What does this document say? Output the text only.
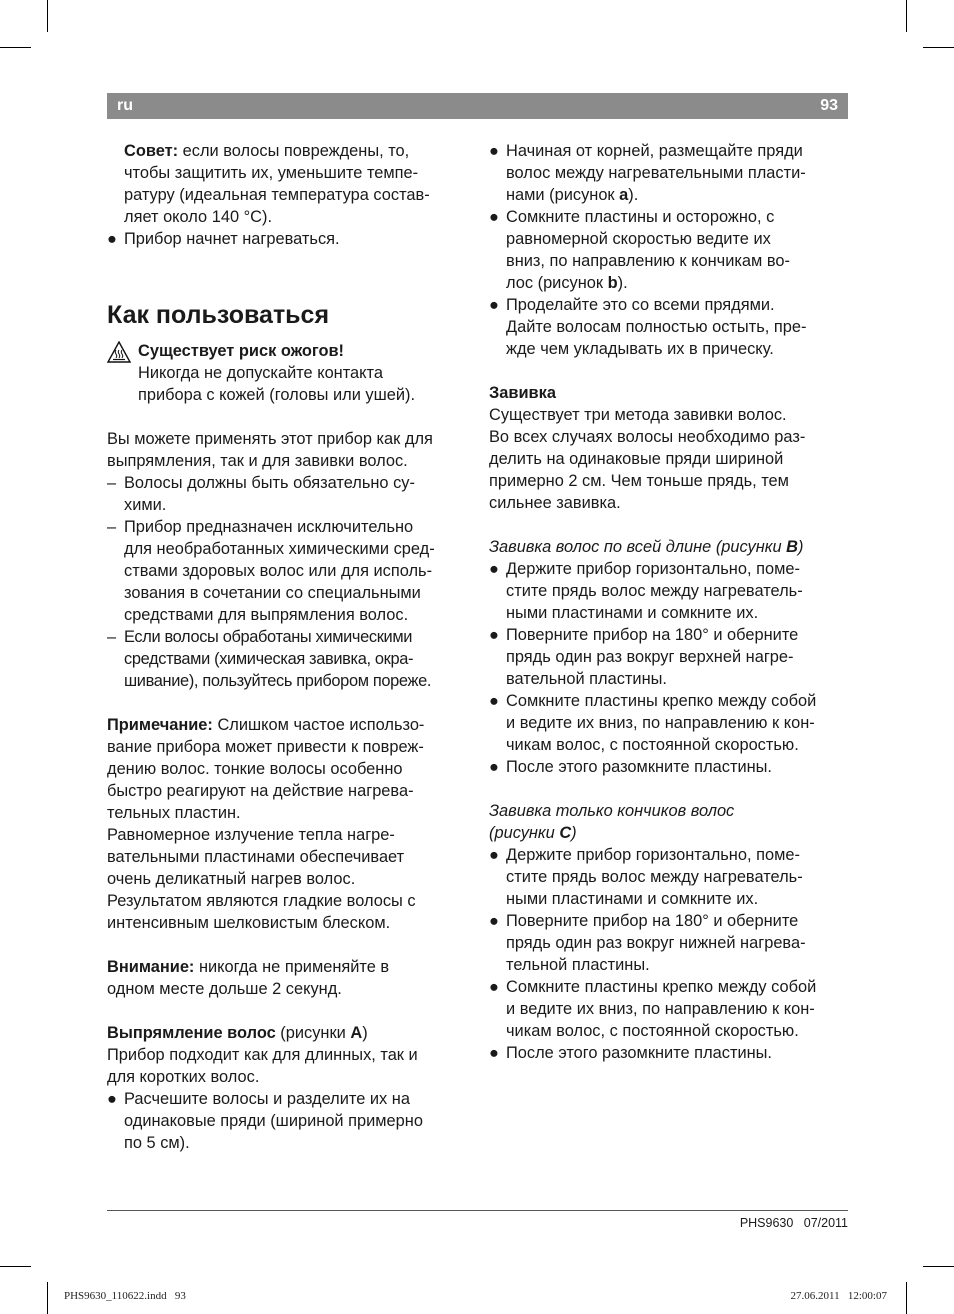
ru	93

Совет: если волосы повреждены, то,

чтобы защитить их, уменьшите темпе-

ратуру (идеальная температура состав-

ляет около 140 °C).

● Прибор начнет нагреваться.

Как пользоваться

Существует риск ожогов!

Никогда не допускайте контакта

прибора с кожей (головы или ушей).

Вы можете применять этот прибор как для

выпрямления, так и для завивки волос.

– Волосы должны быть обязательно су-

хими.

– Прибор предназначен исключительно

для необработанных химическими сред-

ствами здоровых волос или для исполь-

зования в сочетании со специальными

средствами для выпрямления волос.

– Если волосы обработаны химическими

средствами (химическая завивка, окра-

шивание), пользуйтесь прибором пореже.

Примечание: Слишком частое использо-

вание прибора может привести к повреж-

дению волос. тонкие волосы особенно

быстро реагируют на действие нагрева-

тельных пластин.

Равномерное излучение тепла нагре-

вательными пластинами обеспечивает

очень деликатный нагрев волос.

Результатом являются гладкие волосы с

интенсивным шелковистым блеском.

Внимание: никогда не применяйте в

одном месте дольше 2 секунд.

Выпрямление волос (рисунки A)

Прибор подходит как для длинных, так и

для коротких волос.

● Расчешите волосы и разделите их на

одинаковые пряди (шириной примерно

по 5 см).

● Начиная от корней, размещайте пряди

волос между нагревательными пласти-

нами (рисунок a).

● Сомкните пластины и осторожно, с

равномерной скоростью ведите их

вниз, по направлению к кончикам во-

лос (рисунок b).

● Проделайте это со всеми прядями.

Дайте волосам полностью остыть, пре-

жде чем укладывать их в прическу.

Завивка

Существует три метода завивки волос.

Во всех случаях волосы необходимо раз-

делить на одинаковые пряди шириной

примерно 2 см. Чем тоньше прядь, тем

сильнее завивка.

Завивка волос по всей длине (рисунки B)

● Держите прибор горизонтально, поме-

стите прядь волос между нагреватель-

ными пластинами и сомкните их.

● Поверните прибор на 180° и оберните

прядь один раз вокруг верхней нагре-

вательной пластины.

● Сомкните пластины крепко между собой

и ведите их вниз, по направлению к кон-

чикам волос, с постоянной скоростью.

● После этого разомкните пластины.

Завивка только кончиков волос

(рисунки C)

● Держите прибор горизонтально, поме-

стите прядь волос между нагреватель-

ными пластинами и сомкните их.

● Поверните прибор на 180° и оберните

прядь один раз вокруг нижней нагрева-

тельной пластины.

● Сомкните пластины крепко между собой

и ведите их вниз, по направлению к кон-

чикам волос, с постоянной скоростью.

● После этого разомкните пластины.

PHS9630   07/2011
PHS9630_110622.indd   93	27.06.2011   12:00:07
